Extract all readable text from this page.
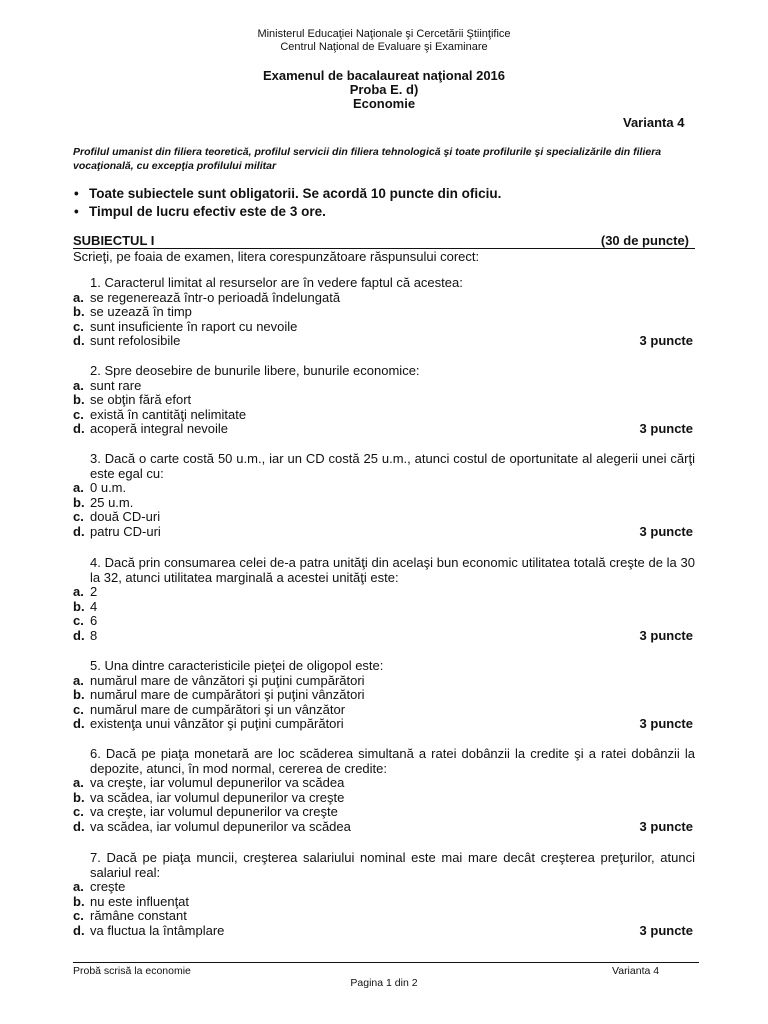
Ministerul Educaţiei Naţionale şi Cercetării Ştiinţifice
Centrul Naţional de Evaluare şi Examinare
Examenul de bacalaureat naţional 2016
Proba E. d)
Economie
Varianta 4
Profilul umanist din filiera teoretică, profilul servicii din filiera tehnologică şi toate profilurile şi specializările din filiera vocaţională, cu excepţia profilului militar
• Toate subiectele sunt obligatorii. Se acordă 10 puncte din oficiu.
• Timpul de lucru efectiv este de 3 ore.
SUBIECTUL I	(30 de puncte)
Scrieţi, pe foaia de examen, litera corespunzătoare răspunsului corect:
1. Caracterul limitat al resurselor are în vedere faptul că acestea:
a. se regenerează într-o perioadă îndelungată
b. se uzează în timp
c. sunt insuficiente în raport cu nevoile
d. sunt refolosibile	3 puncte
2. Spre deosebire de bunurile libere, bunurile economice:
a. sunt rare
b. se obţin fără efort
c. există în cantităţi nelimitate
d. acoperă integral nevoile	3 puncte
3. Dacă o carte costă 50 u.m., iar un CD costă 25 u.m., atunci costul de oportunitate al alegerii unei cărţi este egal cu:
a. 0 u.m.
b. 25 u.m.
c. două CD-uri
d. patru CD-uri	3 puncte
4. Dacă prin consumarea celei de-a patra unităţi din acelaşi bun economic utilitatea totală creşte de la 30 la 32, atunci utilitatea marginală a acestei unităţi este:
a. 2
b. 4
c. 6
d. 8	3 puncte
5. Una dintre caracteristicile pieţei de oligopol este:
a. numărul mare de vânzători şi puţini cumpărători
b. numărul mare de cumpărători şi puţini vânzători
c. numărul mare de cumpărători şi un vânzător
d. existenţa unui vânzător şi puţini cumpărători	3 puncte
6. Dacă pe piaţa monetară are loc scăderea simultană a ratei dobânzii la credite şi a ratei dobânzii la depozite, atunci, în mod normal, cererea de credite:
a. va creşte, iar volumul depunerilor va scădea
b. va scădea, iar volumul depunerilor va creşte
c. va creşte, iar volumul depunerilor va creşte
d. va scădea, iar volumul depunerilor va scădea	3 puncte
7. Dacă pe piaţa muncii, creşterea salariului nominal este mai mare decât creşterea preţurilor, atunci salariul real:
a. creşte
b. nu este influenţat
c. rămâne constant
d. va fluctua la întâmplare	3 puncte
Probă scrisă la economie	Varianta 4
Pagina 1 din 2
